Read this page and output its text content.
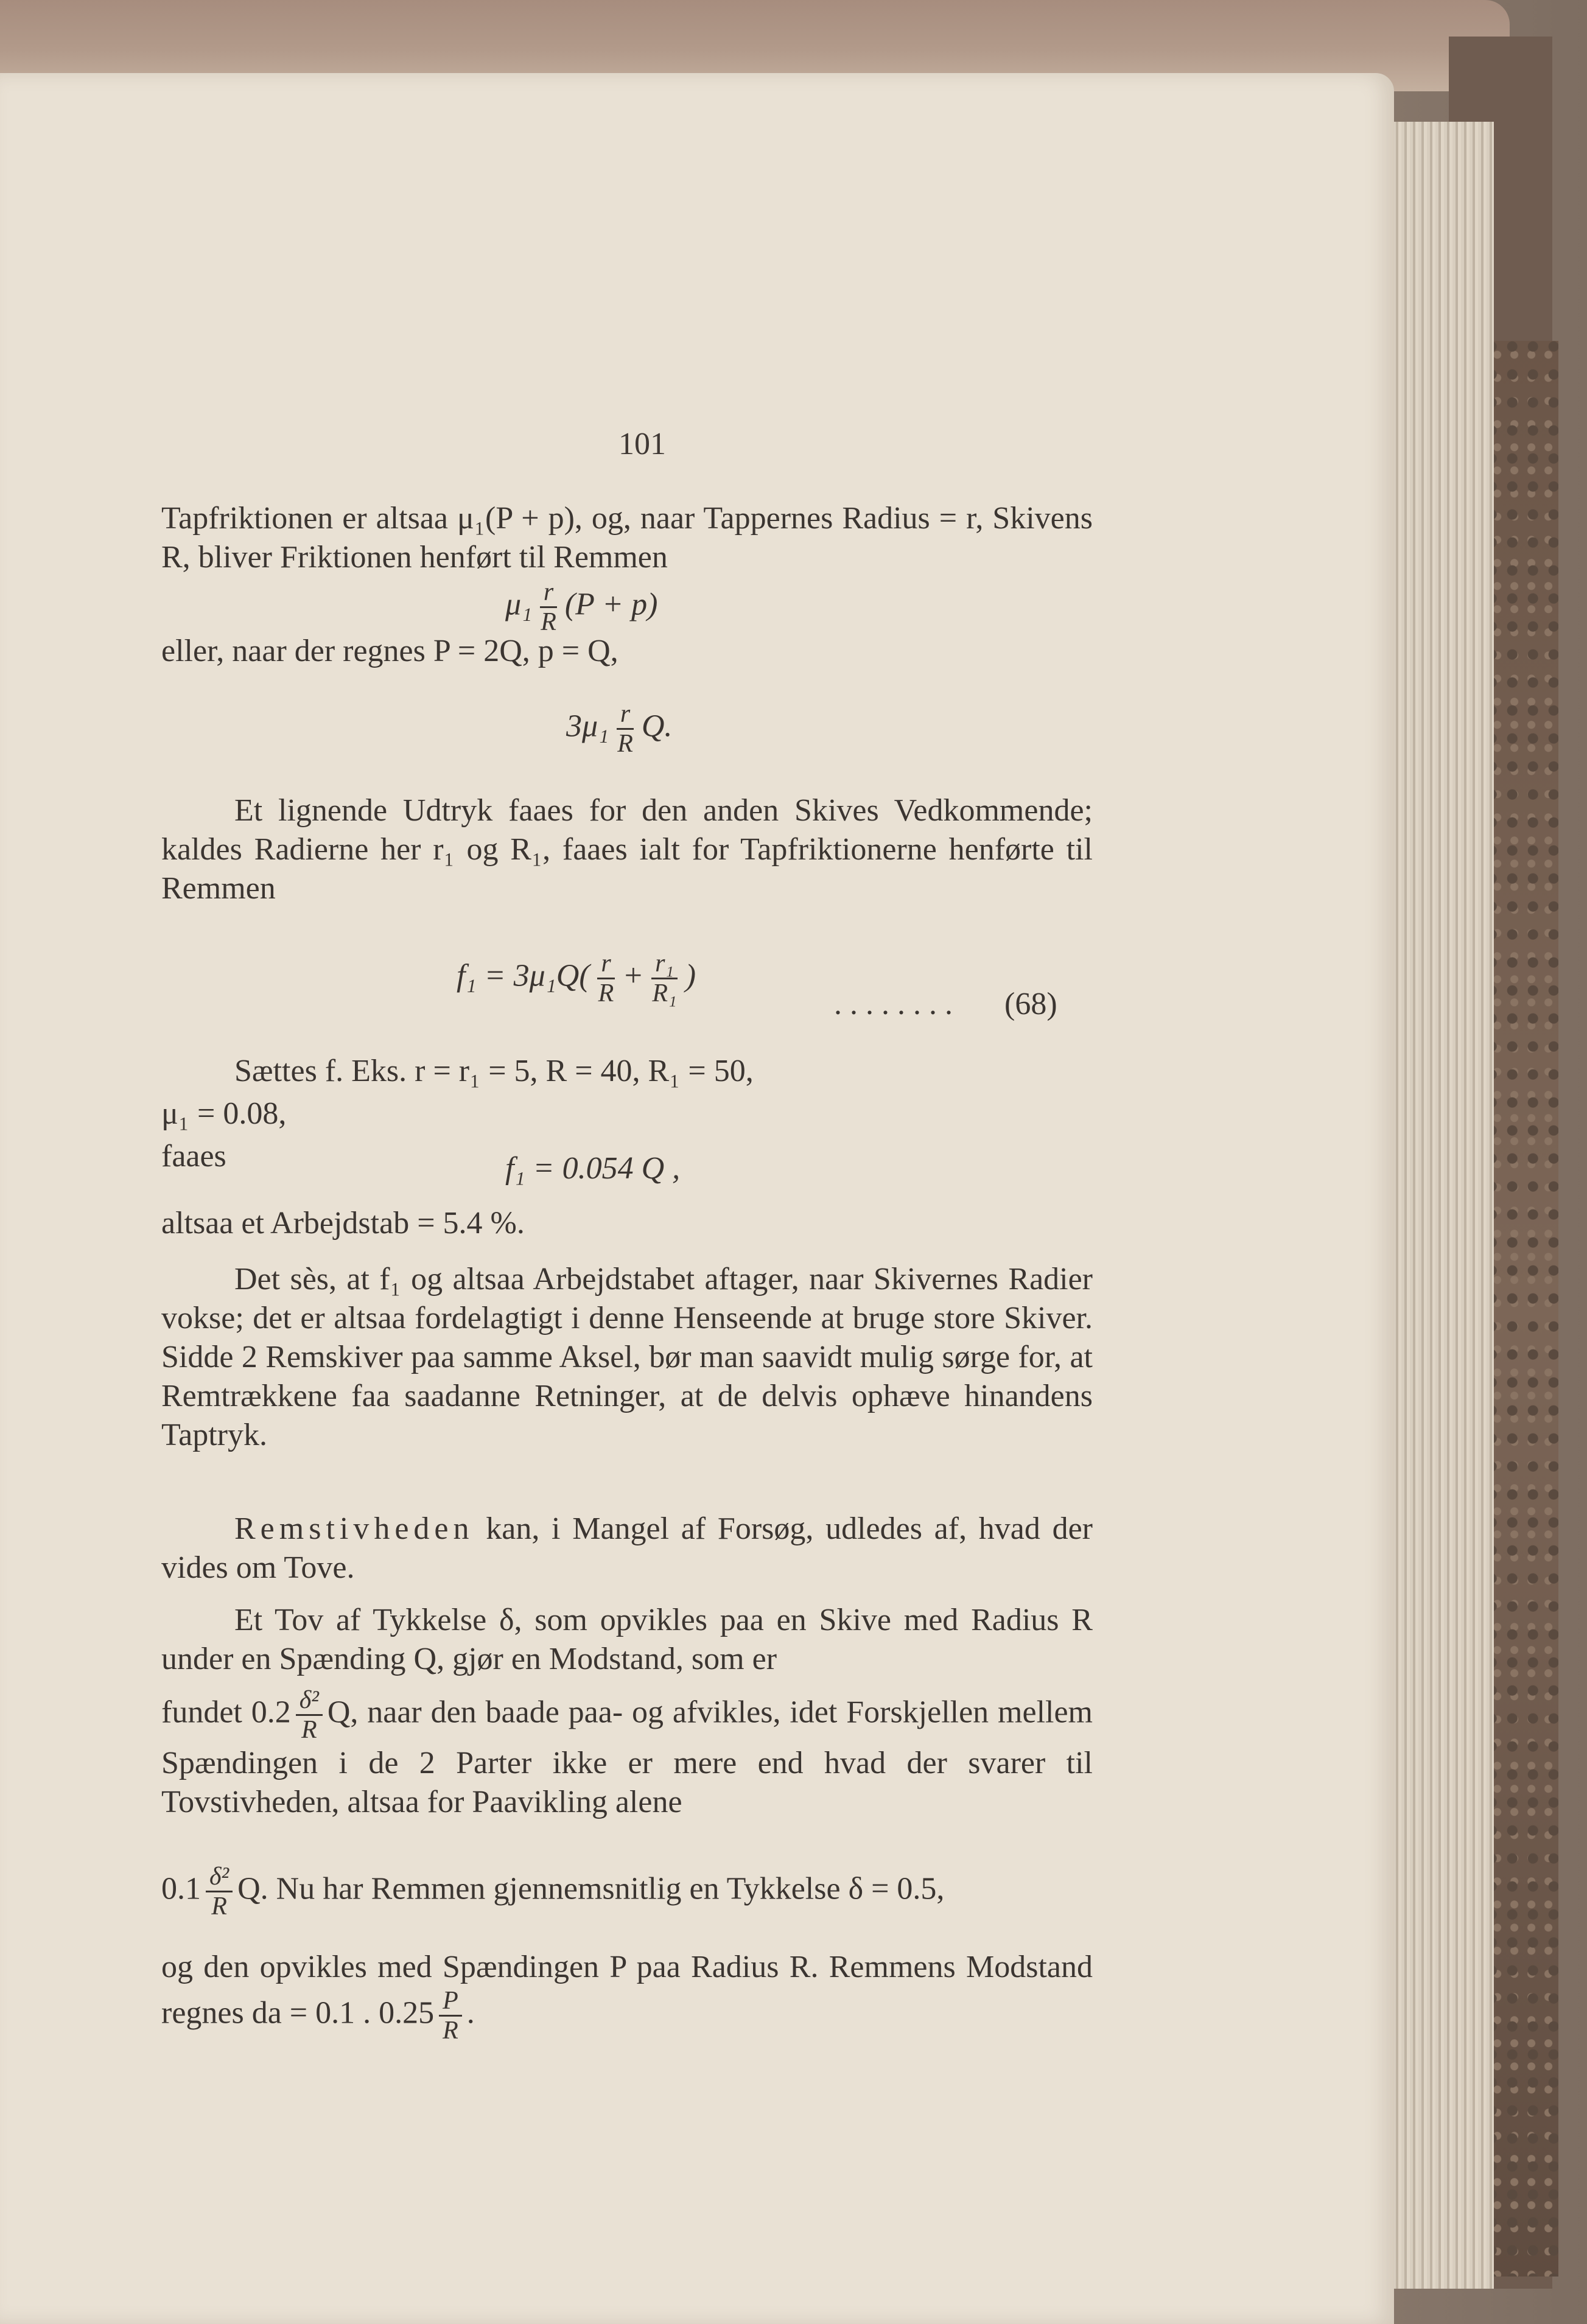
101
Tapfriktionen er altsaa μ₁(P + p), og, naar Tappernes Radius = r, Skivens R, bliver Friktionen henført til Remmen
$\mu_1 \frac{r}{R} (P + p)$
eller, naar der regnes P = 2Q, p = Q,
$3\mu_1 \frac{r}{R} Q$.
Et lignende Udtryk faaes for den anden Skives Vedkommende; kaldes Radierne her r₁ og R₁, faaes ialt for Tapfriktionerne henførte til Remmen
$f_1 = 3\mu_1Q( \frac{r}{R} + \frac{\text{r₁}}{\text{R₁}}$ )
. . . . . . . . (68)
Sættes f. Eks. r = r₁ = 5, R = 40, R₁ = 50,
μ₁ = 0.08,
faaes	f₁ = 0.054 Q ,
altsaa et Arbejdstab = 5.4 %.
Det sès, at f₁ og altsaa Arbejdstabet aftager, naar Skivernes Radier vokse; det er altsaa fordelagtigt i denne Henseende at bruge store Skiver. Sidde 2 Remskiver paa samme Aksel, bør man saavidt mulig sørge for, at Remtrækkene faa saadanne Retninger, at de delvis ophæve hinandens Taptryk.
Remstivheden kan, i Mangel af Forsøg, udledes af, hvad der vides om Tove.
Et Tov af Tykkelse δ, som opvikles paa en Skive med Radius R under en Spænding Q, gjør en Modstand, som er
fundet $0.2 \frac{\text{δ²}}{R} Q$, naar den baade paa- og afvikles, idet Forskjellen mellem Spændingen i de 2 Parter ikke er mere end hvad der svarer til Tovstivheden, altsaa for Paavikling alene
$0.1 \frac{\text{δ²}}{R} Q$. Nu har Remmen gjennemsnitlig en Tykkelse δ = 0.5,
og den opvikles med Spændingen P paa Radius R. Remmens Modstand regnes da = 0.1 . $0.25 \frac{P}{R}$ .
